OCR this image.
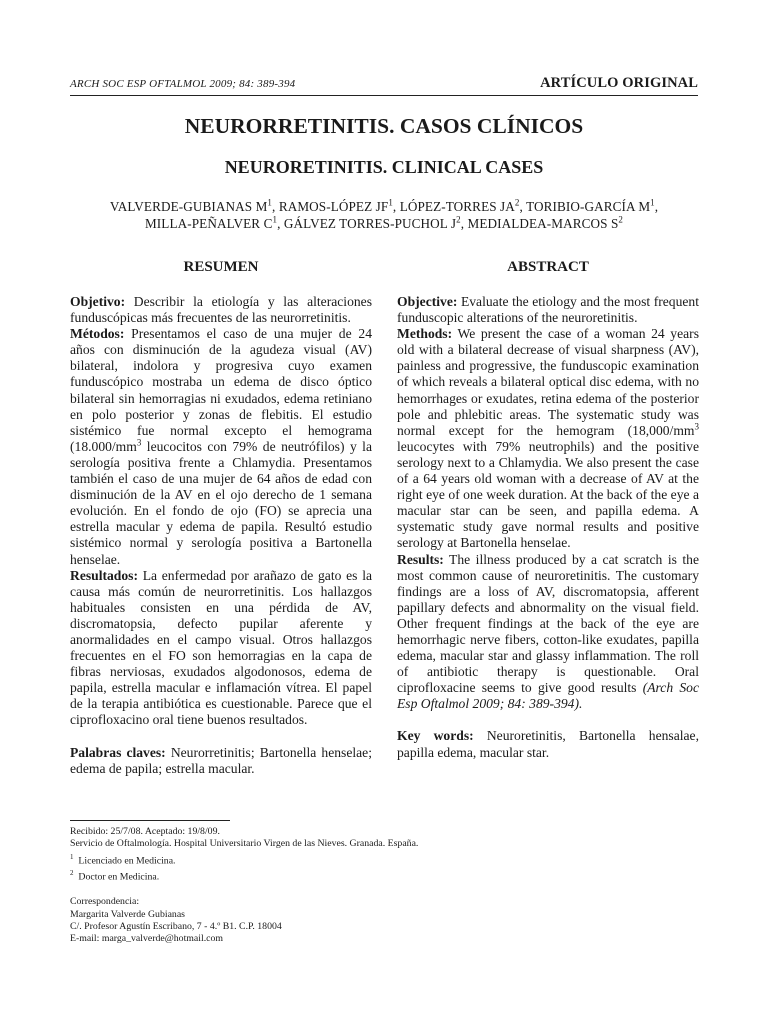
ARCH SOC ESP OFTALMOL 2009; 84: 389-394	ARTÍCULO ORIGINAL
NEURORRETINITIS. CASOS CLÍNICOS
NEURORETINITIS. CLINICAL CASES
VALVERDE-GUBIANAS $M^1$, RAMOS-LÓPEZ $JF^1$, LÓPEZ-TORRES $JA^2$, TORIBIO-GARCÍA $M^1$,
MILLA-PEÑALVER $C^1$, GÁLVEZ TORRES-PUCHOL $J^2$, MEDIALDEA-MARCOS $S^2$
RESUMEN

Objetivo: Describir la etiología y las alteraciones funduscópicas más frecuentes de las neurorretinitis.
Métodos: Presentamos el caso de una mujer de 24 años con disminución de la agudeza visual (AV) bilateral, indolora y progresiva cuyo examen funduscópico mostraba un edema de disco óptico bilateral sin hemorragias ni exudados, edema retiniano en polo posterior y zonas de flebitis. El estudio sistémico fue normal excepto el hemograma ($18.000/mm^3$ leucocitos con 79% de neutrófilos) y la serología positiva frente a Chlamydia. Presentamos también el caso de una mujer de 64 años de edad con disminución de la AV en el ojo derecho de 1 semana evolución. En el fondo de ojo (FO) se aprecia una estrella macular y edema de papila. Resultó estudio sistémico normal y serología positiva a Bartonella henselae.
Resultados: La enfermedad por arañazo de gato es la causa más común de neurorretinitis. Los hallazgos habituales consisten en una pérdida de AV, discromatopsia, defecto pupilar aferente y anormalidades en el campo visual. Otros hallazgos frecuentes en el FO son hemorragias en la capa de fibras nerviosas, exudados algodonosos, edema de papila, estrella macular e inflamación vítrea. El papel de la terapia antibiótica es cuestionable. Parece que el ciprofloxacino oral tiene buenos resultados.

Palabras claves: Neurorretinitis; Bartonella henselae; edema de papila; estrella macular.

ABSTRACT

Objective: Evaluate the etiology and the most frequent funduscopic alterations of the neuroretinitis.
Methods: We present the case of a woman 24 years old with a bilateral decrease of visual sharpness (AV), painless and progressive, the funduscopic examination of which reveals a bilateral optical disc edema, with no hemorrhages or exudates, retina edema of the posterior pole and phlebitic areas. The systematic study was normal except for the hemogram ($18,000/mm^3$ leucocytes with 79% neutrophils) and the positive serology next to a Chlamydia. We also present the case of a 64 years old woman with a decrease of AV at the right eye of one week duration. At the back of the eye a macular star can be seen, and papilla edema. A systematic study gave normal results and positive serology at Bartonella henselae.
Results: The illness produced by a cat scratch is the most common cause of neuroretinitis. The customary findings are a loss of AV, discromatopsia, afferent papillary defects and abnormality on the visual field. Other frequent findings at the back of the eye are hemorrhagic nerve fibers, cotton-like exudates, papilla edema, macular star and glassy inflammation. The roll of antibiotic therapy is questionable. Oral ciprofloxacine seems to give good results (Arch Soc Esp Oftalmol 2009; 84: 389-394).

Key words: Neuroretinitis, Bartonella hensalae, papilla edema, macular star.

Recibido: 25/7/08. Aceptado: 19/8/09.
Servicio de Oftalmología. Hospital Universitario Virgen de las Nieves. Granada. España.
$^1$  Licenciado en Medicina.
$^2$  Doctor en Medicina.
Correspondencia:
Margarita Valverde Gubianas
C/. Profesor Agustín Escribano, 7 - 4.º B1. C.P. 18004
E-mail: marga_valverde@hotmail.com
